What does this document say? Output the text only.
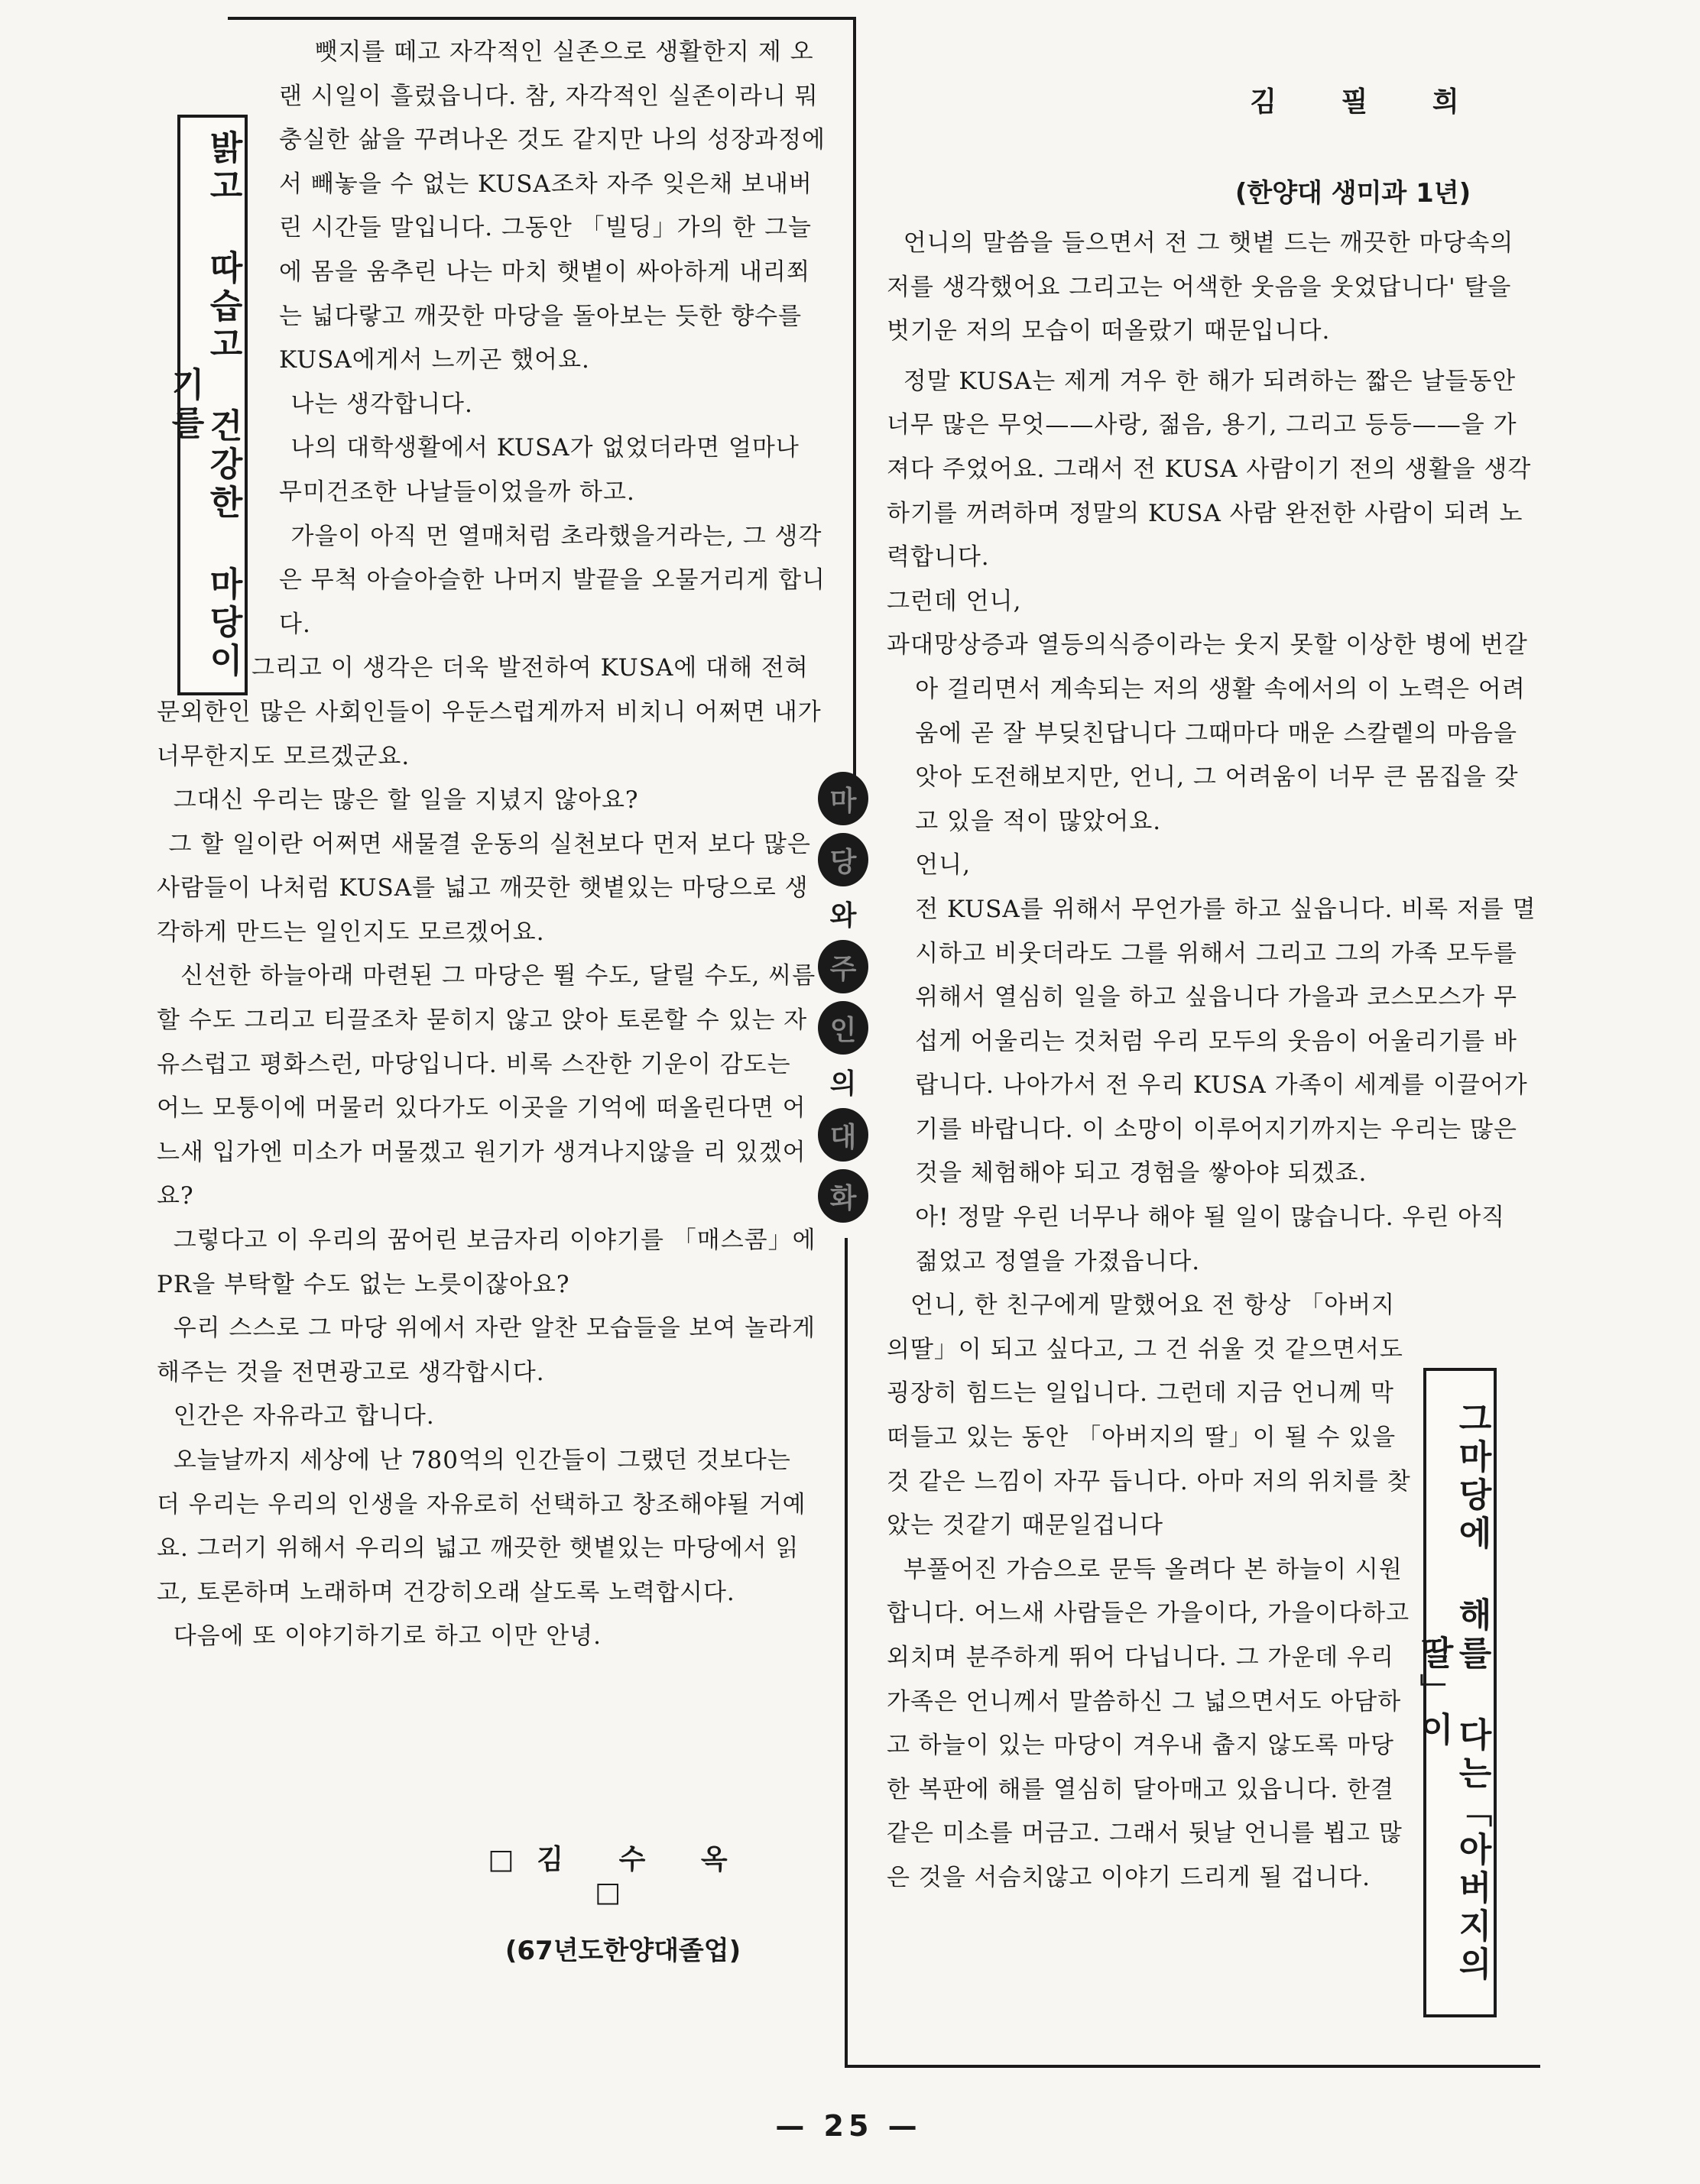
밝고 따습고 건강한 마당이기를
마
당
와
주
인
의
대
화
그마당에 해를 다는「아버지의 딸」이

뺏지를 떼고 자각적인 실존으로 생활한지 제 오랜 시일이 흘렀읍니다. 참, 자각적인 실존이라니 뭐 충실한 삶을 꾸려나온 것도 같지만 나의 성장과정에서 빼놓을 수 없는 KUSA조차 자주 잊은채 보내버린 시간들 말입니다. 그동안 「빌딩」가의 한 그늘에 몸을 움추린 나는 마치 햇볕이 싸아하게 내리쬐는 넓다랗고 깨끗한 마당을 돌아보는 듯한 향수를 KUSA에게서 느끼곤 했어요.

나는 생각합니다.

나의 대학생활에서 KUSA가 없었더라면 얼마나 무미건조한 나날들이었을까 하고.

가을이 아직 먼 열매처럼 초라했을거라는, 그 생각은 무척 아슬아슬한 나머지 발끝을 오물거리게 합니다.

그리고 이 생각은 더욱 발전하여 KUSA에 대해 전혀 문외한인 많은 사회인들이 우둔스럽게까저 비치니 어쩌면 내가 너무한지도 모르겠군요.

그대신 우리는 많은 할 일을 지녔지 않아요?

그 할 일이란 어쩌면 새물결 운동의 실천보다 먼저 보다 많은 사람들이 나처럼 KUSA를 넓고 깨끗한 햇볕있는 마당으로 생각하게 만드는 일인지도 모르겠어요.

신선한 하늘아래 마련된 그 마당은 뛸 수도, 달릴 수도, 씨름할 수도 그리고 티끌조차 묻히지 않고 앉아 토론할 수 있는 자유스럽고 평화스런, 마당입니다. 비록 스잔한 기운이 감도는 어느 모퉁이에 머물러 있다가도 이곳을 기억에 떠올린다면 어느새 입가엔 미소가 머물겠고 원기가 생겨나지않을 리 있겠어요?

그렇다고 이 우리의 꿈어린 보금자리 이야기를 「매스콤」에 PR을 부탁할 수도 없는 노릇이잖아요?

우리 스스로 그 마당 위에서 자란 알찬 모습들을 보여 놀라게 해주는 것을 전면광고로 생각합시다.

인간은 자유라고 합니다.

오늘날까지 세상에 난 780억의 인간들이 그랬던 것보다는 더 우리는 우리의 인생을 자유로히 선택하고 창조해야될 거예요. 그러기 위해서 우리의 넓고 깨끗한 햇볕있는 마당에서 읽고, 토론하며 노래하며 건강히오래 살도록 노력합시다.

다음에 또 이야기하기로 하고 이만 안녕.

□김 수 옥□
(67년도한양대졸업)
김 필 희
(한양대 생미과 1년)

언니의 말씀을 들으면서 전 그 햇볕 드는 깨끗한 마당속의 저를 생각했어요 그리고는 어색한 웃음을 웃었답니다' 탈을 벗기운 저의 모습이 떠올랐기 때문입니다.

정말 KUSA는 제게 겨우 한 해가 되려하는 짧은 날들동안 너무 많은 무엇——사랑, 젊음, 용기, 그리고 등등——을 가져다 주었어요. 그래서 전 KUSA 사람이기 전의 생활을 생각하기를 꺼려하며 정말의 KUSA 사람 완전한 사람이 되려 노력합니다.

그런데 언니,

과대망상증과 열등의식증이라는 웃지 못할 이상한 병에 번갈아 걸리면서 계속되는 저의 생활 속에서의 이 노력은 어려움에 곧 잘 부딪친답니다 그때마다 매운 스칼렡의 마음을 앗아 도전해보지만, 언니, 그 어려움이 너무 큰 몸집을 갖고 있을 적이 많았어요.

언니,

전 KUSA를 위해서 무언가를 하고 싶읍니다. 비록 저를 멸시하고 비웃더라도 그를 위해서 그리고 그의 가족 모두를 위해서 열심히 일을 하고 싶읍니다 가을과 코스모스가 무섭게 어울리는 것처럼 우리 모두의 웃음이 어울리기를 바랍니다. 나아가서 전 우리 KUSA 가족이 세계를 이끌어가기를 바랍니다. 이 소망이 이루어지기까지는 우리는 많은 것을 체험해야 되고 경험을 쌓아야 되겠죠.

아! 정말 우린 너무나 해야 될 일이 많습니다. 우린 아직 젊었고 정열을 가졌읍니다.

언니, 한 친구에게 말했어요 전 항상 「아버지의딸」이 되고 싶다고, 그 건 쉬울 것 같으면서도 굉장히 힘드는 일입니다. 그런데 지금 언니께 막 떠들고 있는 동안 「아버지의 딸」이 될 수 있을 것 같은 느낌이 자꾸 듭니다. 아마 저의 위치를 찾았는 것같기 때문일겁니다

부풀어진 가슴으로 문득 올려다 본 하늘이 시원합니다. 어느새 사람들은 가을이다, 가을이다하고 외치며 분주하게 뛰어 다닙니다. 그 가운데 우리가족은 언니께서 말씀하신 그 넓으면서도 아담하고 하늘이 있는 마당이 겨우내 춥지 않도록 마당 한 복판에 해를 열심히 달아매고 있읍니다. 한결같은 미소를 머금고. 그래서 뒷날 언니를 뵙고 많은 것을 서슴치않고 이야기 드리게 될 겁니다.

— 25 —
